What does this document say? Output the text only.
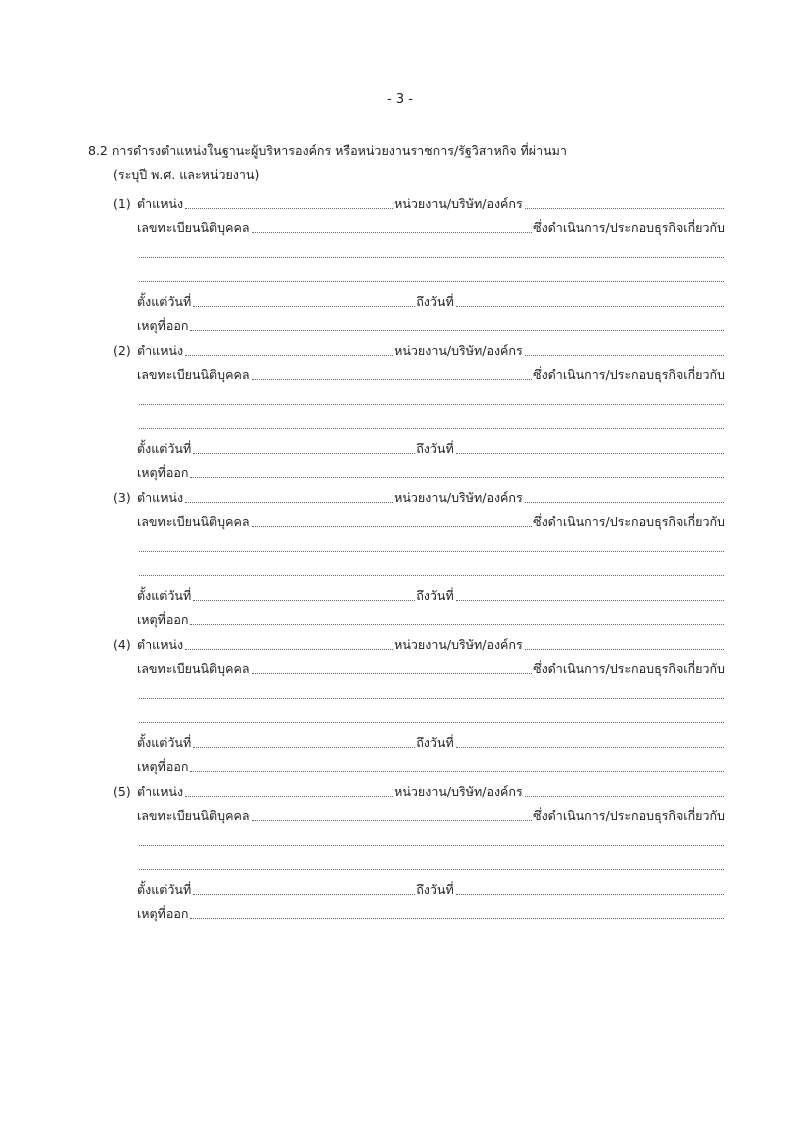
- 3 -
8.2 การดำรงตำแหน่งในฐานะผู้บริหารองค์กร หรือหน่วยงานราชการ/รัฐวิสาหกิจ ที่ผ่านมา
(ระบุปี พ.ศ. และหน่วยงาน)
(1) ตำแหน่ง	หน่วยงาน/บริษัท/องค์กร
เลขทะเบียนนิติบุคคล	ซึ่งดำเนินการ/ประกอบธุรกิจเกี่ยวกับ
ตั้งแต่วันที่	ถึงวันที่
เหตุที่ออก
(2) ตำแหน่ง	หน่วยงาน/บริษัท/องค์กร
เลขทะเบียนนิติบุคคล	ซึ่งดำเนินการ/ประกอบธุรกิจเกี่ยวกับ
ตั้งแต่วันที่	ถึงวันที่
เหตุที่ออก
(3) ตำแหน่ง	หน่วยงาน/บริษัท/องค์กร
เลขทะเบียนนิติบุคคล	ซึ่งดำเนินการ/ประกอบธุรกิจเกี่ยวกับ
ตั้งแต่วันที่	ถึงวันที่
เหตุที่ออก
(4) ตำแหน่ง	หน่วยงาน/บริษัท/องค์กร
เลขทะเบียนนิติบุคคล	ซึ่งดำเนินการ/ประกอบธุรกิจเกี่ยวกับ
ตั้งแต่วันที่	ถึงวันที่
เหตุที่ออก
(5) ตำแหน่ง	หน่วยงาน/บริษัท/องค์กร
เลขทะเบียนนิติบุคคล	ซึ่งดำเนินการ/ประกอบธุรกิจเกี่ยวกับ
ตั้งแต่วันที่	ถึงวันที่
เหตุที่ออก
